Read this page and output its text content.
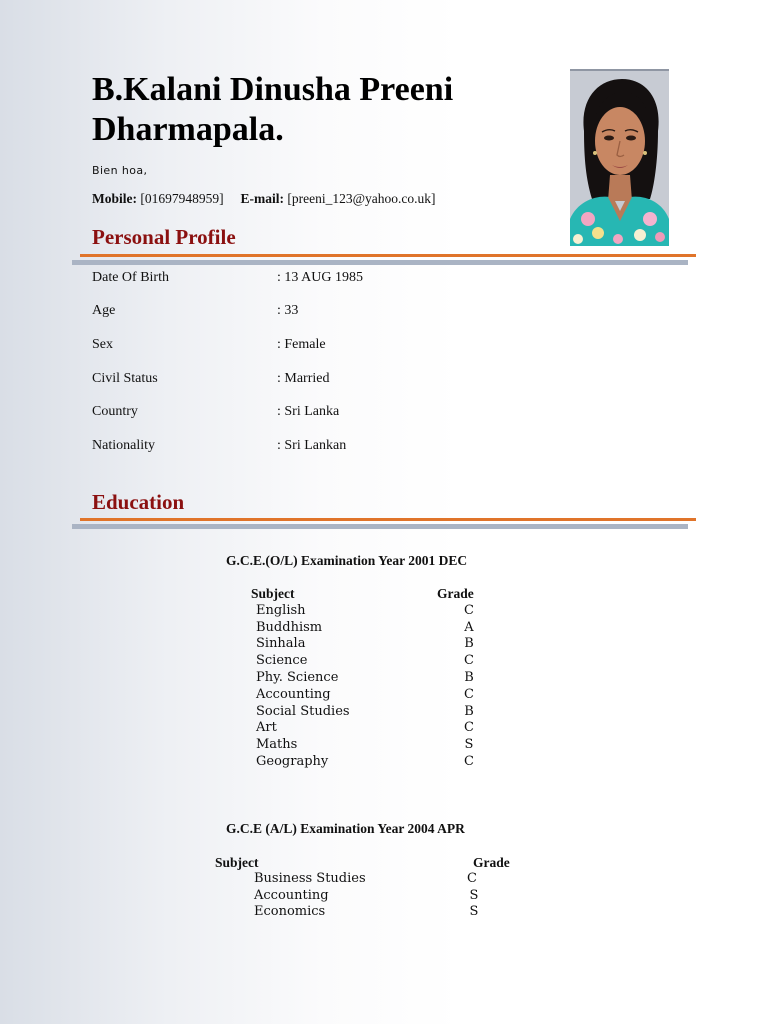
B.Kalani Dinusha Preeni Dharmapala.
Bien hoa,
Mobile: [01697948959] E-mail: [preeni_123@yahoo.co.uk]
Personal Profile
Date Of Birth	: 13 AUG 1985
Age	: 33
Sex	: Female
Civil Status	: Married
Country	: Sri Lanka
Nationality	: Sri Lankan
Education
G.C.E.(O/L) Examination Year 2001 DEC
Subject	Grade
English	C
Buddhism	A
Sinhala	B
Science	C
Phy. Science	B
Accounting	C
Social Studies	B
Art	C
Maths	S
Geography	C
G.C.E (A/L) Examination Year 2004 APR
Subject	Grade
Business Studies	C
Accounting	S
Economics	S
